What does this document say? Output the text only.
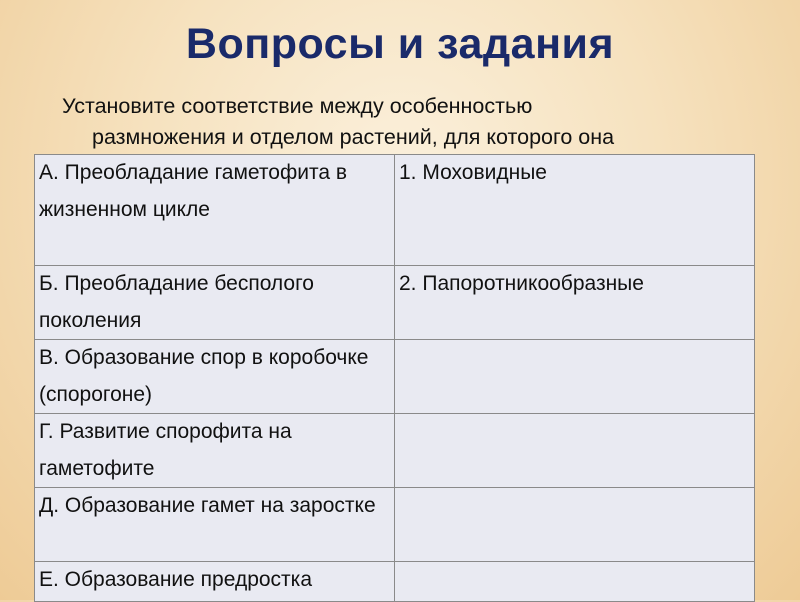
Вопросы и задания
Установите соответствие между особенностью
размножения и отделом растений, для которого она
А. Преобладание гаметофита в жизненном цикле	1. Моховидные
Б. Преобладание бесполого поколения	2. Папоротникообразные
В. Образование спор в коробочке (спорогоне)	
Г. Развитие спорофита на гаметофите	
Д. Образование гамет на заростке	
Е. Образование предростка	
